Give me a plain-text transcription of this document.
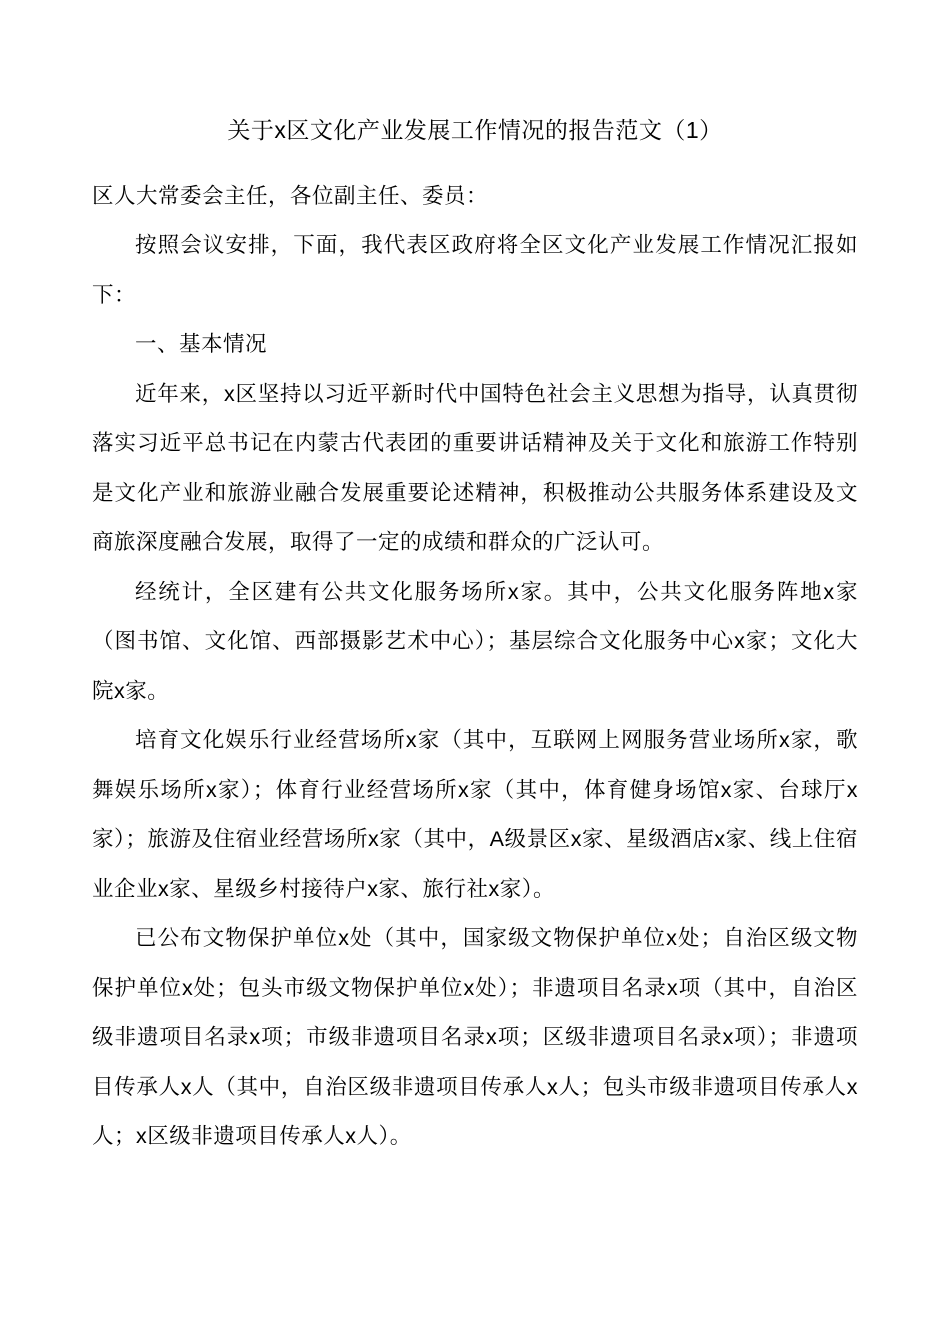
关于x区文化产业发展工作情况的报告范文（1）

区人大常委会主任，各位副主任、委员：

按照会议安排，下面，我代表区政府将全区文化产业发展工作情况汇报如下：

一、基本情况

近年来，x区坚持以习近平新时代中国特色社会主义思想为指导，认真贯彻落实习近平总书记在内蒙古代表团的重要讲话精神及关于文化和旅游工作特别是文化产业和旅游业融合发展重要论述精神，积极推动公共服务体系建设及文商旅深度融合发展，取得了一定的成绩和群众的广泛认可。

经统计，全区建有公共文化服务场所x家。其中，公共文化服务阵地x家（图书馆、文化馆、西部摄影艺术中心）；基层综合文化服务中心x家；文化大院x家。

培育文化娱乐行业经营场所x家（其中，互联网上网服务营业场所x家，歌舞娱乐场所x家）；体育行业经营场所x家（其中，体育健身场馆x家、台球厅x家）；旅游及住宿业经营场所x家（其中，A级景区x家、星级酒店x家、线上住宿业企业x家、星级乡村接待户x家、旅行社x家）。

已公布文物保护单位x处（其中，国家级文物保护单位x处；自治区级文物保护单位x处；包头市级文物保护单位x处）；非遗项目名录x项（其中，自治区级非遗项目名录x项；市级非遗项目名录x项；区级非遗项目名录x项）；非遗项目传承人x人（其中，自治区级非遗项目传承人x人；包头市级非遗项目传承人x人；x区级非遗项目传承人x人）。
